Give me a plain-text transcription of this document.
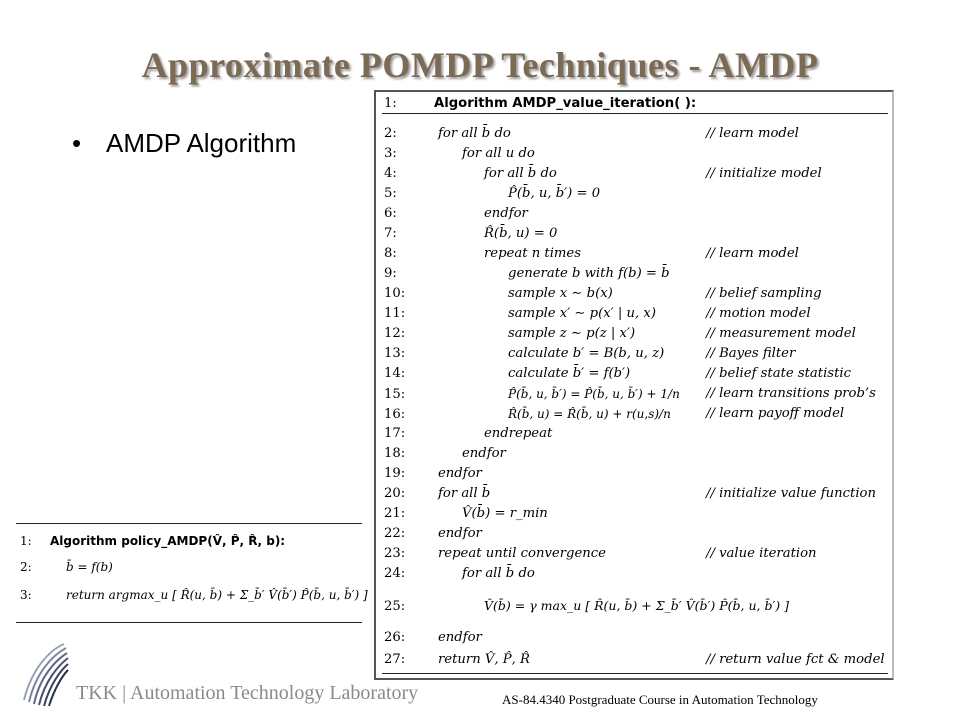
Approximate POMDP Techniques - AMDP
• AMDP Algorithm
1:	Algorithm AMDP_value_iteration( ):
2:	for all b̄ do	// learn model
3:	for all u do
4:	for all b̄ do	// initialize model
5:	P̂(b̄, u, b̄′) = 0
6:	endfor
7:	R̂(b̄, u) = 0
8:	repeat n times	// learn model
9:	generate b with f(b) = b̄
10:	sample x ∼ b(x)	// belief sampling
11:	sample x′ ∼ p(x′ | u, x)	// motion model
12:	sample z ∼ p(z | x′)	// measurement model
13:	calculate b′ = B(b, u, z)	// Bayes filter
14:	calculate b̄′ = f(b′)	// belief state statistic
15:	P̂(b̄, u, b̄′) = P̂(b̄, u, b̄′) + 1/n // learn transitions prob’s
16:	R̂(b̄, u) = R̂(b̄, u) + r(u,s)/n	// learn payoff model
17:	endrepeat
18:	endfor
19: endfor
20: for all b̄	// initialize value function
21:	V̂(b̄) = r_min
22: endfor
23: repeat until convergence	// value iteration
24:	for all b̄ do
25:	V̂(b̄) = γ max_u [ R̂(u, b̄) + Σ_b̄′ V̂(b̄′) P̂(b̄, u, b̄′) ]
26: endfor
27: return V̂, P̂, R̂	// return value fct & model
1: Algorithm policy_AMDP(V̂, P̂, R̂, b):
2:	b̄ = f(b)
3:	return argmax_u [ R̂(u, b̄) + Σ_b̄′ V̂(b̄′) P̂(b̄, u, b̄′) ]
TKK | Automation Technology Laboratory	AS-84.4340 Postgraduate Course in Automation Technology
